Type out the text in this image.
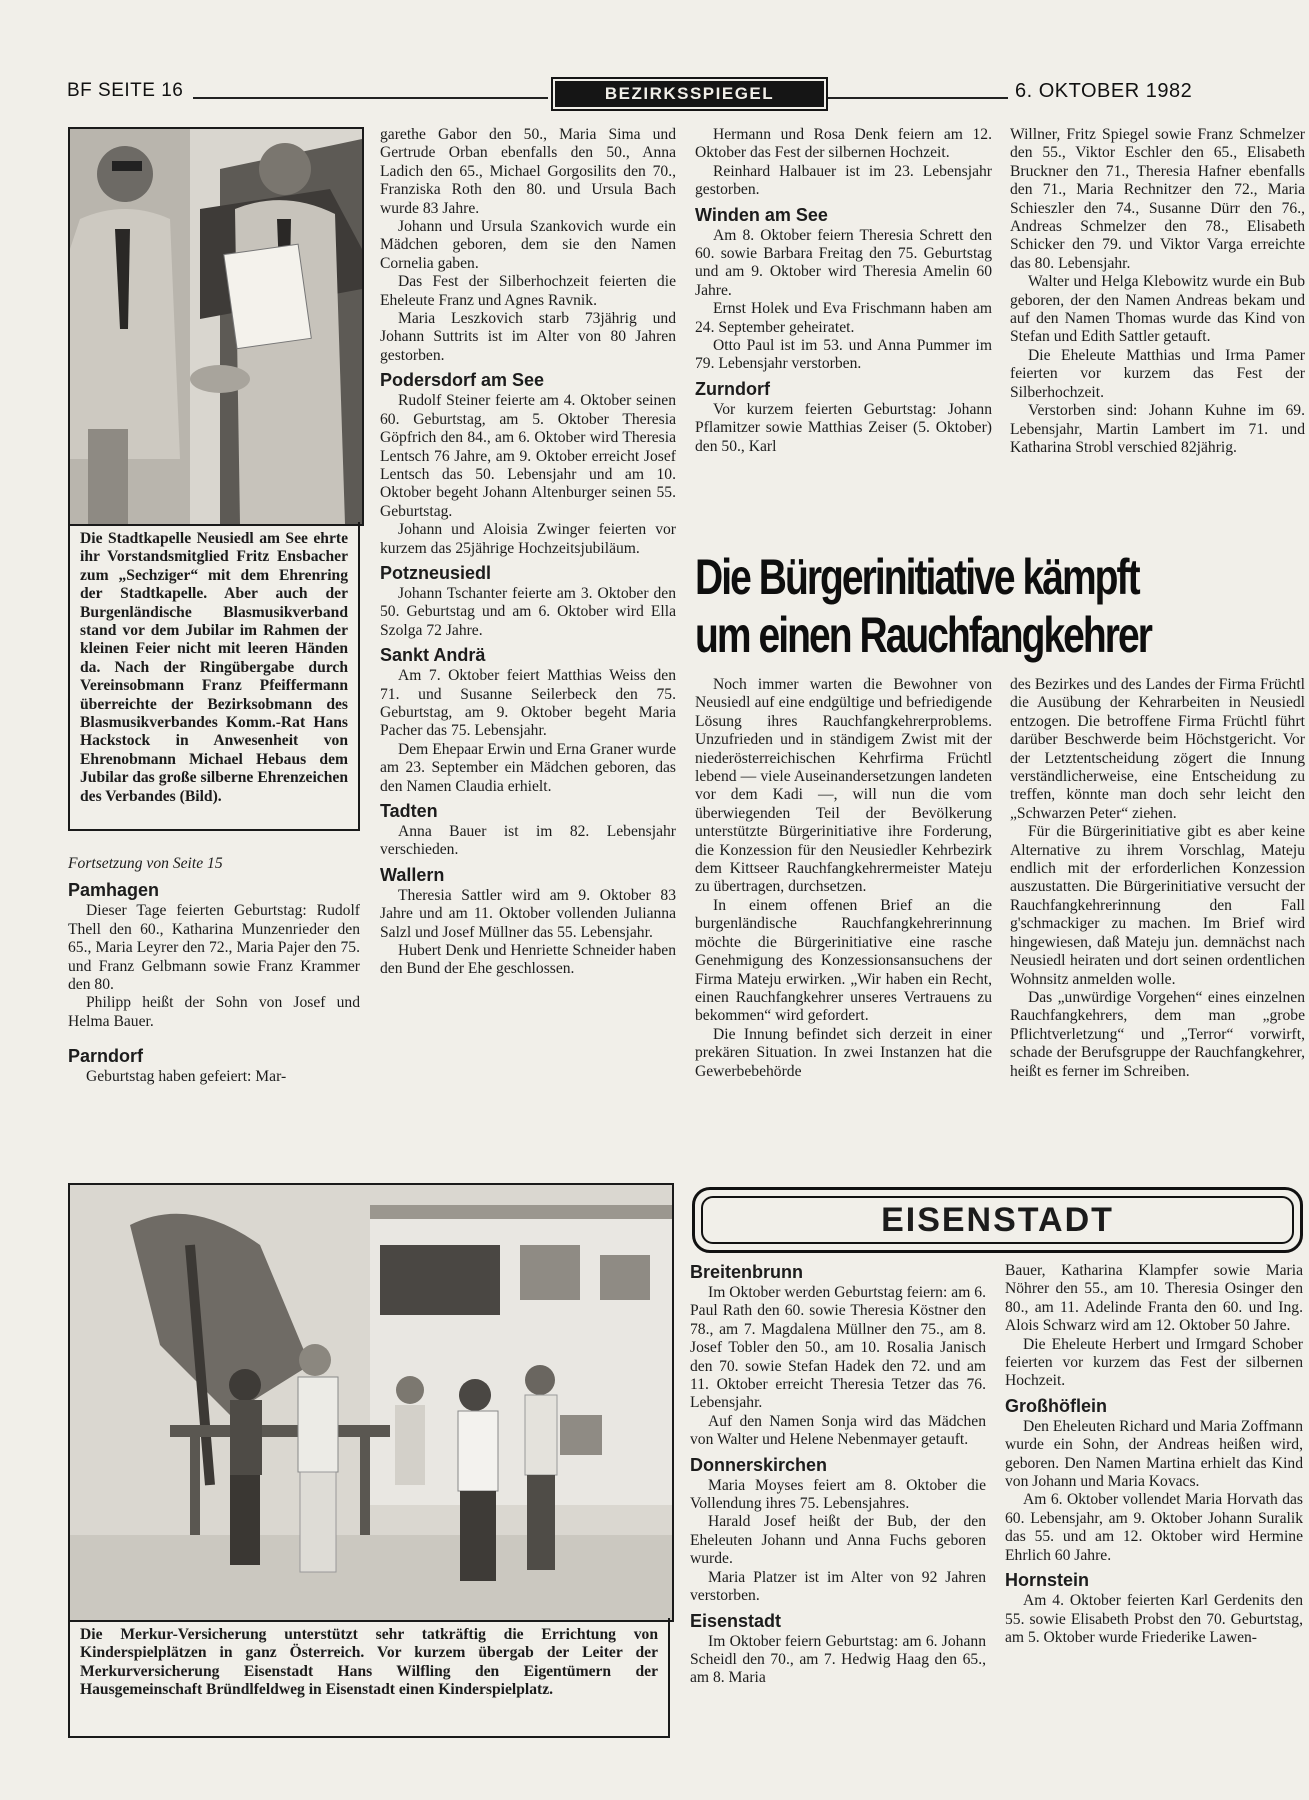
BF SEITE 16	BEZIRKSSPIEGEL	6. OKTOBER 1982
Die Stadtkapelle Neusiedl am See ehrte ihr Vorstandsmitglied Fritz Ensbacher zum „Sechziger“ mit dem Ehrenring der Stadtkapelle. Aber auch der Burgenländische Blasmusikverband stand vor dem Jubilar im Rahmen der kleinen Feier nicht mit leeren Händen da. Nach der Ringübergabe durch Vereinsobmann Franz Pfeiffermann überreichte der Bezirksobmann des Blasmusikverbandes Komm.-Rat Hans Hackstock in Anwesenheit von Ehrenobmann Michael Hebaus dem Jubilar das große silberne Ehrenzeichen des Verbandes (Bild).

Fortsetzung von Seite 15

Pamhagen

Dieser Tage feierten Geburtstag: Rudolf Thell den 60., Katharina Munzenrieder den 65., Maria Leyrer den 72., Maria Pajer den 75. und Franz Gelbmann sowie Franz Krammer den 80.

Philipp heißt der Sohn von Josef und Helma Bauer.

Parndorf

Geburtstag haben gefeiert: Mar-

garethe Gabor den 50., Maria Sima und Gertrude Orban ebenfalls den 50., Anna Ladich den 65., Michael Gorgosilits den 70., Franziska Roth den 80. und Ursula Bach wurde 83 Jahre.

Johann und Ursula Szankovich wurde ein Mädchen geboren, dem sie den Namen Cornelia gaben.

Das Fest der Silberhochzeit feierten die Eheleute Franz und Agnes Ravnik.

Maria Leszkovich starb 73jährig und Johann Suttrits ist im Alter von 80 Jahren gestorben.

Podersdorf am See

Rudolf Steiner feierte am 4. Oktober seinen 60. Geburtstag, am 5. Oktober Theresia Göpfrich den 84., am 6. Oktober wird Theresia Lentsch 76 Jahre, am 9. Oktober erreicht Josef Lentsch das 50. Lebensjahr und am 10. Oktober begeht Johann Altenburger seinen 55. Geburtstag.

Johann und Aloisia Zwinger feierten vor kurzem das 25jährige Hochzeitsjubiläum.

Potzneusiedl

Johann Tschanter feierte am 3. Oktober den 50. Geburtstag und am 6. Oktober wird Ella Szolga 72 Jahre.

Sankt Andrä

Am 7. Oktober feiert Matthias Weiss den 71. und Susanne Seilerbeck den 75. Geburtstag, am 9. Oktober begeht Maria Pacher das 75. Lebensjahr.

Dem Ehepaar Erwin und Erna Graner wurde am 23. September ein Mädchen geboren, das den Namen Claudia erhielt.

Tadten

Anna Bauer ist im 82. Lebensjahr verschieden.

Wallern

Theresia Sattler wird am 9. Oktober 83 Jahre und am 11. Oktober vollenden Julianna Salzl und Josef Müllner das 55. Lebensjahr.

Hubert Denk und Henriette Schneider haben den Bund der Ehe geschlossen.

Hermann und Rosa Denk feiern am 12. Oktober das Fest der silbernen Hochzeit.

Reinhard Halbauer ist im 23. Lebensjahr gestorben.

Winden am See

Am 8. Oktober feiern Theresia Schrett den 60. sowie Barbara Freitag den 75. Geburtstag und am 9. Oktober wird Theresia Amelin 60 Jahre.

Ernst Holek und Eva Frischmann haben am 24. September geheiratet.

Otto Paul ist im 53. und Anna Pummer im 79. Lebensjahr verstorben.

Zurndorf

Vor kurzem feierten Geburtstag: Johann Pflamitzer sowie Matthias Zeiser (5. Oktober) den 50., Karl

Willner, Fritz Spiegel sowie Franz Schmelzer den 55., Viktor Eschler den 65., Elisabeth Bruckner den 71., Theresia Hafner ebenfalls den 71., Maria Rechnitzer den 72., Maria Schieszler den 74., Susanne Dürr den 76., Andreas Schmelzer den 78., Elisabeth Schicker den 79. und Viktor Varga erreichte das 80. Lebensjahr.

Walter und Helga Klebowitz wurde ein Bub geboren, der den Namen Andreas bekam und auf den Namen Thomas wurde das Kind von Stefan und Edith Sattler getauft.

Die Eheleute Matthias und Irma Pamer feierten vor kurzem das Fest der Silberhochzeit.

Verstorben sind: Johann Kuhne im 69. Lebensjahr, Martin Lambert im 71. und Katharina Strobl verschied 82jährig.

Die Bürgerinitiative kämpft
um einen Rauchfangkehrer

Noch immer warten die Bewohner von Neusiedl auf eine endgültige und befriedigende Lösung ihres Rauchfangkehrerproblems. Unzufrieden und in ständigem Zwist mit der niederösterreichischen Kehrfirma Früchtl lebend — viele Auseinandersetzungen landeten vor dem Kadi —, will nun die vom überwiegenden Teil der Bevölkerung unterstützte Bürgerinitiative ihre Forderung, die Konzession für den Neusiedler Kehrbezirk dem Kittseer Rauchfangkehrermeister Mateju zu übertragen, durchsetzen.

In einem offenen Brief an die burgenländische Rauchfangkehrerinnung möchte die Bürgerinitiative eine rasche Genehmigung des Konzessionsansuchens der Firma Mateju erwirken. „Wir haben ein Recht, einen Rauchfangkehrer unseres Vertrauens zu bekommen“ wird gefordert.

Die Innung befindet sich derzeit in einer prekären Situation. In zwei Instanzen hat die Gewerbebehörde

des Bezirkes und des Landes der Firma Früchtl die Ausübung der Kehrarbeiten in Neusiedl entzogen. Die betroffene Firma Früchtl führt darüber Beschwerde beim Höchstgericht. Vor der Letztentscheidung zögert die Innung verständlicherweise, eine Entscheidung zu treffen, könnte man doch sehr leicht den „Schwarzen Peter“ ziehen.

Für die Bürgerinitiative gibt es aber keine Alternative zu ihrem Vorschlag, Mateju endlich mit der erforderlichen Konzession auszustatten. Die Bürgerinitiative versucht der Rauchfangkehrerinnung den Fall g'schmackiger zu machen. Im Brief wird hingewiesen, daß Mateju jun. demnächst nach Neusiedl heiraten und dort seinen ordentlichen Wohnsitz anmelden wolle.

Das „unwürdige Vorgehen“ eines einzelnen Rauchfangkehrers, dem man „grobe Pflichtverletzung“ und „Terror“ vorwirft, schade der Berufsgruppe der Rauchfangkehrer, heißt es ferner im Schreiben.

Die Merkur-Versicherung unterstützt sehr tatkräftig die Errichtung von Kinderspielplätzen in ganz Österreich. Vor kurzem übergab der Leiter der Merkurversicherung Eisenstadt Hans Wilfling den Eigentümern der Hausgemeinschaft Bründlfeldweg in Eisenstadt einen Kinderspielplatz.
EISENSTADT
Breitenbrunn

Im Oktober werden Geburtstag feiern: am 6. Paul Rath den 60. sowie Theresia Köstner den 78., am 7. Magdalena Müllner den 75., am 8. Josef Tobler den 50., am 10. Rosalia Janisch den 70. sowie Stefan Hadek den 72. und am 11. Oktober erreicht Theresia Tetzer das 76. Lebensjahr.

Auf den Namen Sonja wird das Mädchen von Walter und Helene Nebenmayer getauft.

Donnerskirchen

Maria Moyses feiert am 8. Oktober die Vollendung ihres 75. Lebensjahres.

Harald Josef heißt der Bub, der den Eheleuten Johann und Anna Fuchs geboren wurde.

Maria Platzer ist im Alter von 92 Jahren verstorben.

Eisenstadt

Im Oktober feiern Geburtstag: am 6. Johann Scheidl den 70., am 7. Hedwig Haag den 65., am 8. Maria

Bauer, Katharina Klampfer sowie Maria Nöhrer den 55., am 10. Theresia Osinger den 80., am 11. Adelinde Franta den 60. und Ing. Alois Schwarz wird am 12. Oktober 50 Jahre.

Die Eheleute Herbert und Irmgard Schober feierten vor kurzem das Fest der silbernen Hochzeit.

Großhöflein

Den Eheleuten Richard und Maria Zoffmann wurde ein Sohn, der Andreas heißen wird, geboren. Den Namen Martina erhielt das Kind von Johann und Maria Kovacs.

Am 6. Oktober vollendet Maria Horvath das 60. Lebensjahr, am 9. Oktober Johann Suralik das 55. und am 12. Oktober wird Hermine Ehrlich 60 Jahre.

Hornstein

Am 4. Oktober feierten Karl Gerdenits den 55. sowie Elisabeth Probst den 70. Geburtstag, am 5. Oktober wurde Friederike Lawen-
